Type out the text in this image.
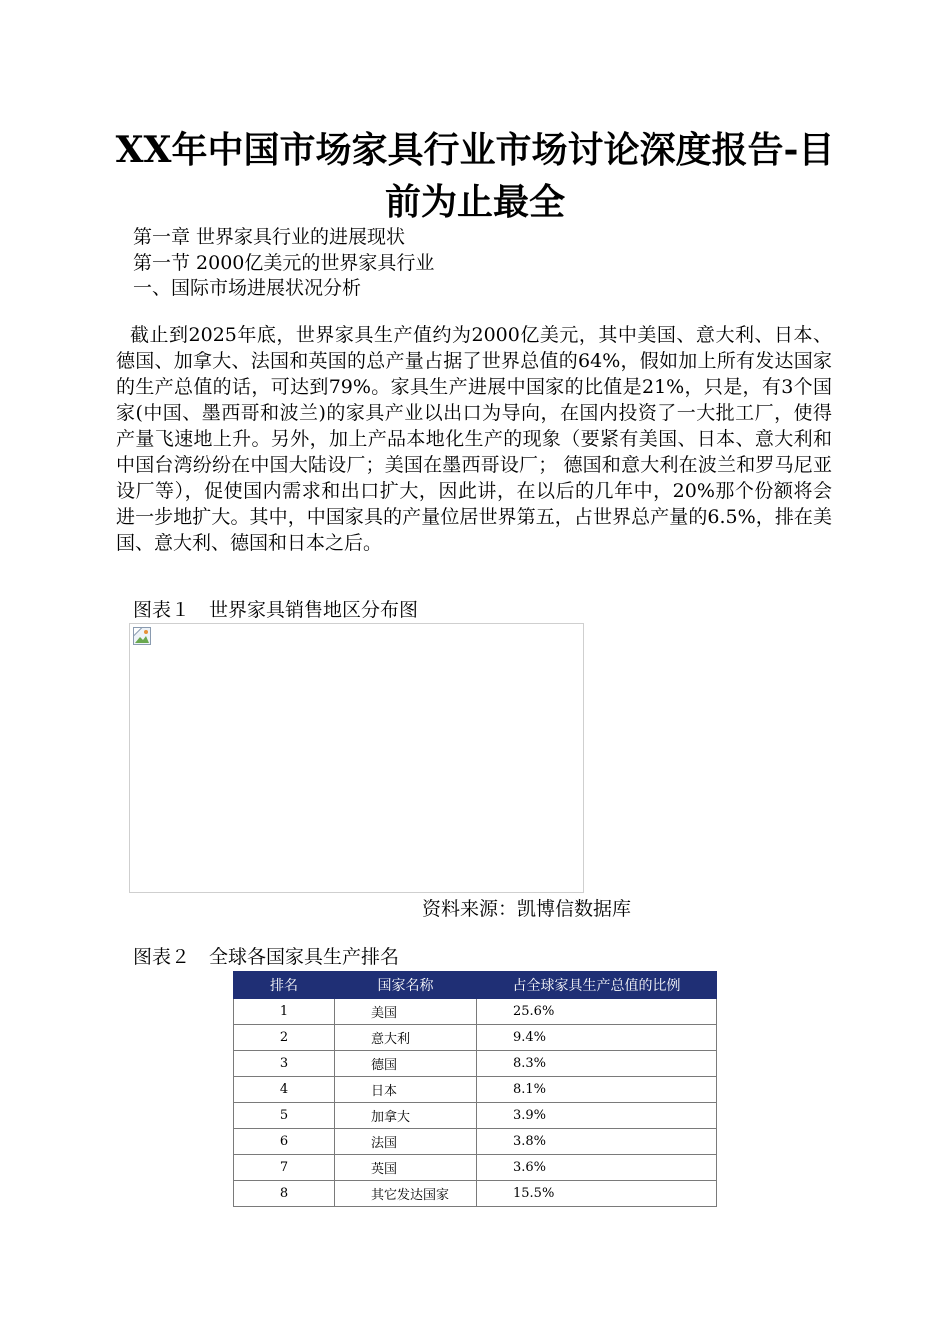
XX年中国市场家具行业市场讨论深度报告-目前为止最全
第一章 世界家具行业的进展现状
第一节 2000亿美元的世界家具行业
一、国际市场进展状况分析
截止到2025年底，世界家具生产值约为2000亿美元，其中美国、意大利、日本、德国、加拿大、法国和英国的总产量占据了世界总值的64%，假如加上所有发达国家的生产总值的话，可达到79%。家具生产进展中国家的比值是21%，只是，有3个国家(中国、墨西哥和波兰)的家具产业以出口为导向，在国内投资了一大批工厂，使得产量飞速地上升。另外，加上产品本地化生产的现象（要紧有美国、日本、意大利和中国台湾纷纷在中国大陆设厂；美国在墨西哥设厂； 德国和意大利在波兰和罗马尼亚设厂等），促使国内需求和出口扩大，因此讲，在以后的几年中，20%那个份额将会进一步地扩大。其中，中国家具的产量位居世界第五，占世界总产量的6.5%，排在美国、意大利、德国和日本之后。
图表１　世界家具销售地区分布图
资料来源：凯博信数据库
图表２　全球各国家具生产排名
排名	国家名称	占全球家具生产总值的比例
1	美国	25.6%
2	意大利	9.4%
3	德国	8.3%
4	日本	8.1%
5	加拿大	3.9%
6	法国	3.8%
7	英国	3.6%
8	其它发达国家	15.5%
